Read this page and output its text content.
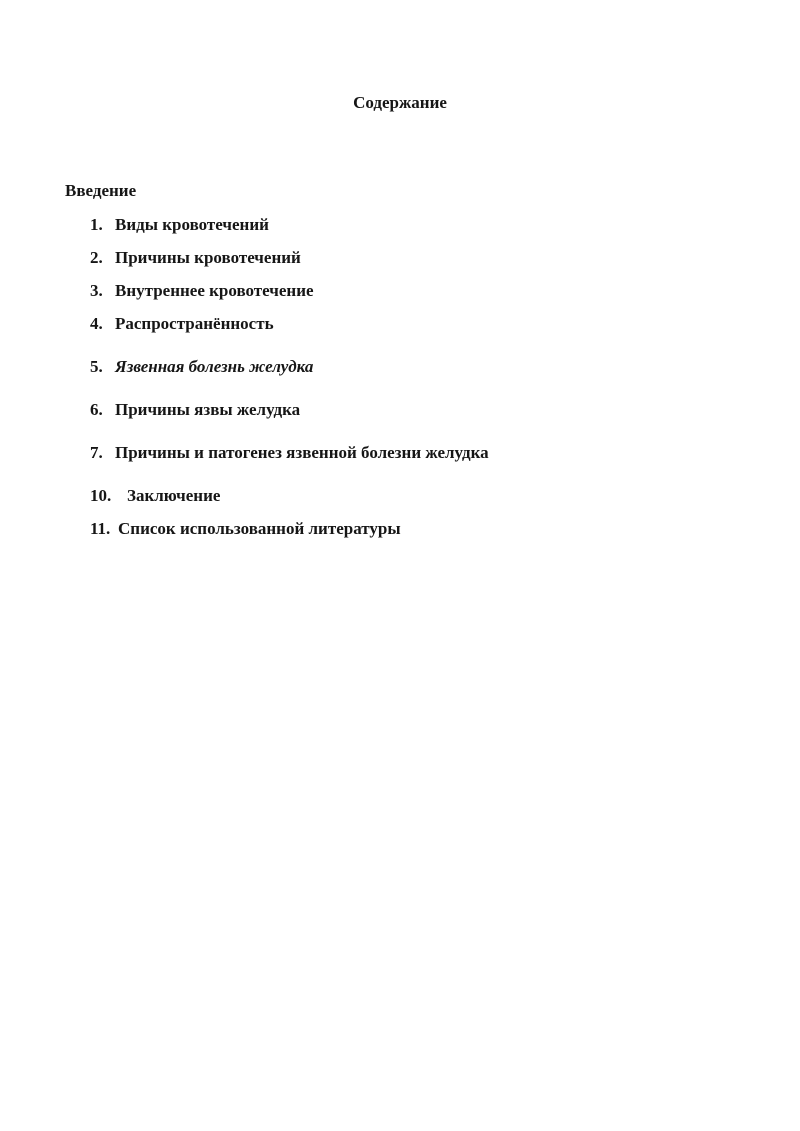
Содержание
Введение
1. Виды кровотечений
2. Причины кровотечений
3. Внутреннее кровотечение
4. Распространённость
5. Язвенная болезнь желудка
6. Причины язвы желудка
7. Причины и патогенез язвенной болезни желудка
10. Заключение
11. Список использованной литературы
